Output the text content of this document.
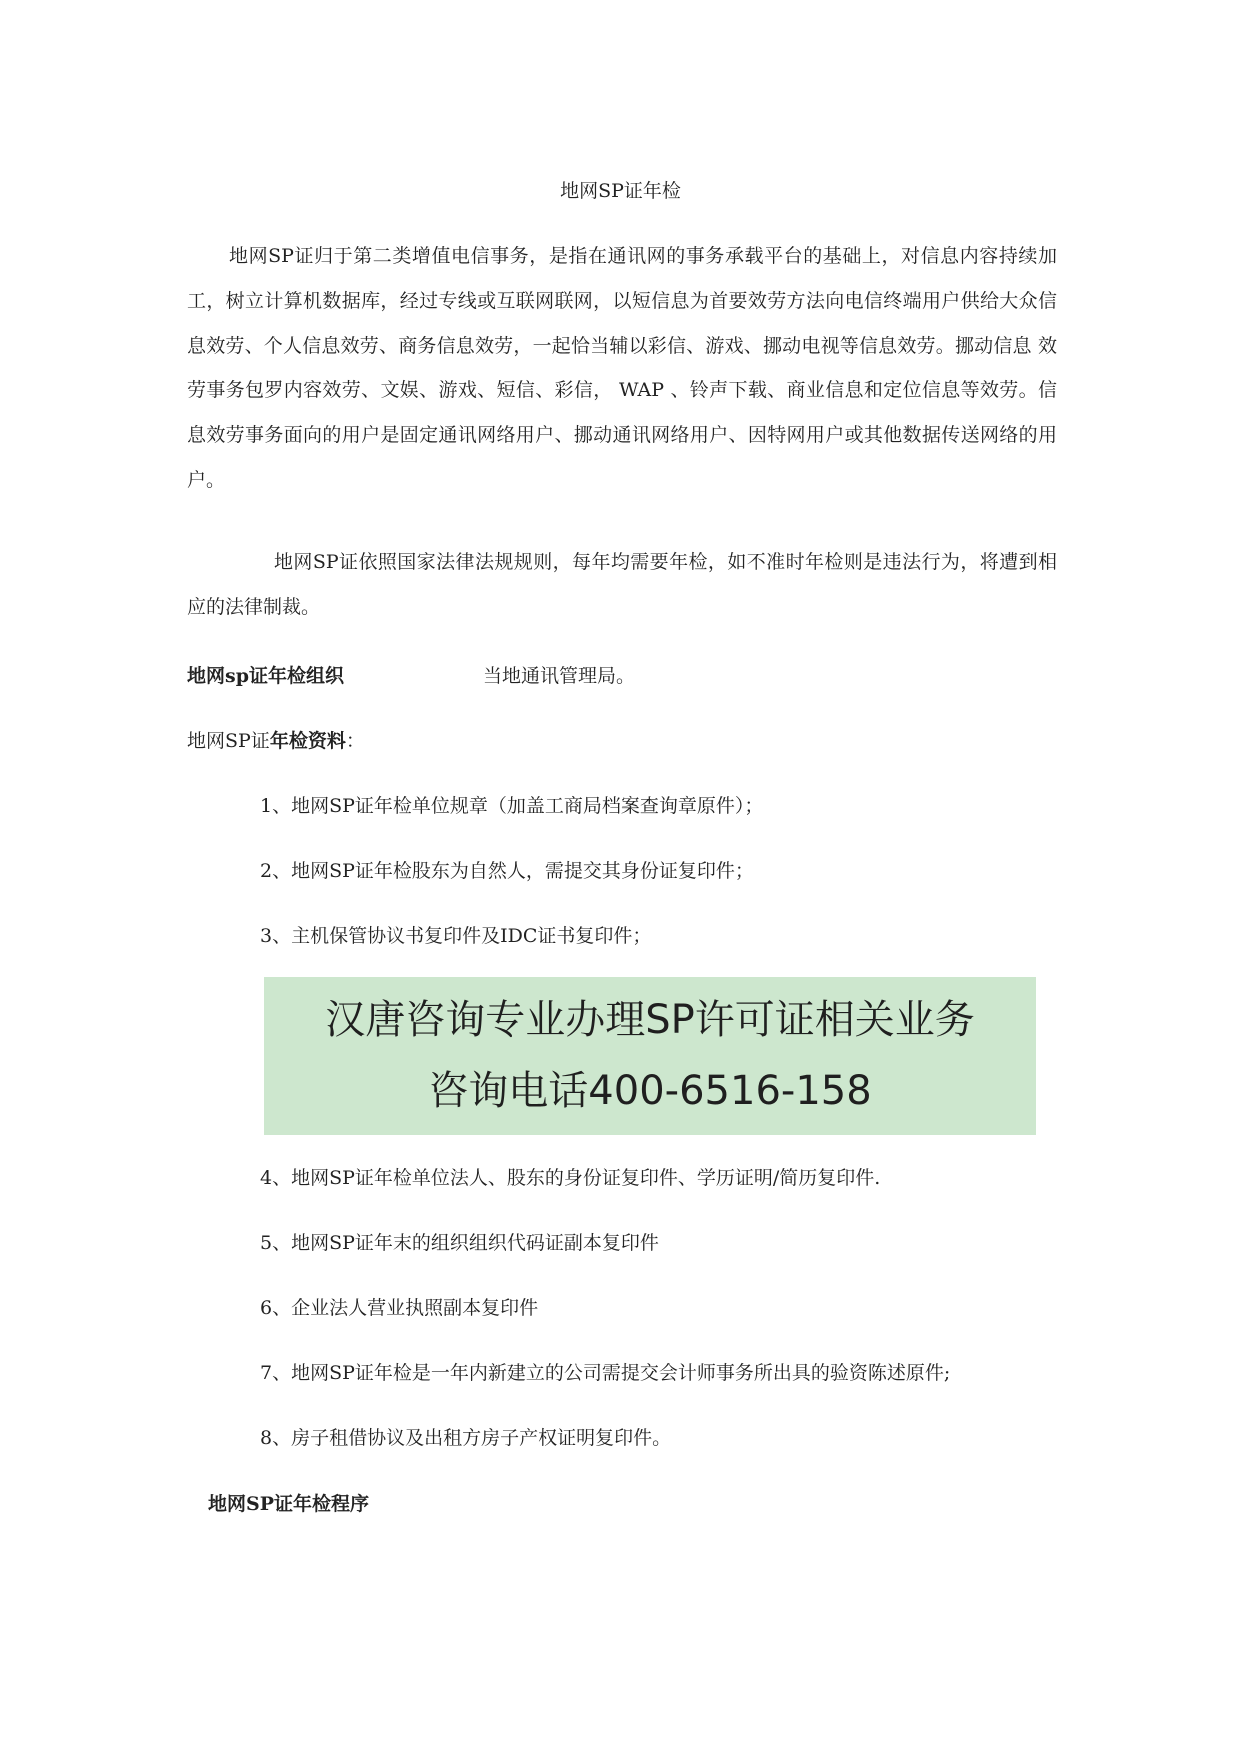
地网SP证年检

地网SP证归于第二类增值电信事务，是指在通讯网的事务承载平台的基础上，对信息内容持续加工，树立计算机数据库，经过专线或互联网联网，以短信息为首要效劳方法向电信终端用户供给大众信息效劳、个人信息效劳、商务信息效劳，一起恰当辅以彩信、游戏、挪动电视等信息效劳。挪动信息 效劳事务包罗内容效劳、文娱、游戏、短信、彩信， WAP 、铃声下载、商业信息和定位信息等效劳。信息效劳事务面向的用户是固定通讯网络用户、挪动通讯网络用户、因特网用户或其他数据传送网络的用户。

地网SP证依照国家法律法规规则，每年均需要年检，如不准时年检则是违法行为，将遭到相应的法律制裁。

地网sp证年检组织	当地通讯管理局。
地网SP证年检资料：
1、地网SP证年检单位规章（加盖工商局档案查询章原件）；
2、地网SP证年检股东为自然人，需提交其身份证复印件；
3、主机保管协议书复印件及IDC证书复印件；
汉唐咨询专业办理SP许可证相关业务
咨询电话400-6516-158
4、地网SP证年检单位法人、股东的身份证复印件、学历证明/简历复印件.
5、地网SP证年末的组织组织代码证副本复印件
6、企业法人营业执照副本复印件
7、地网SP证年检是一年内新建立的公司需提交会计师事务所出具的验资陈述原件;
8、房子租借协议及出租方房子产权证明复印件。
地网SP证年检程序
